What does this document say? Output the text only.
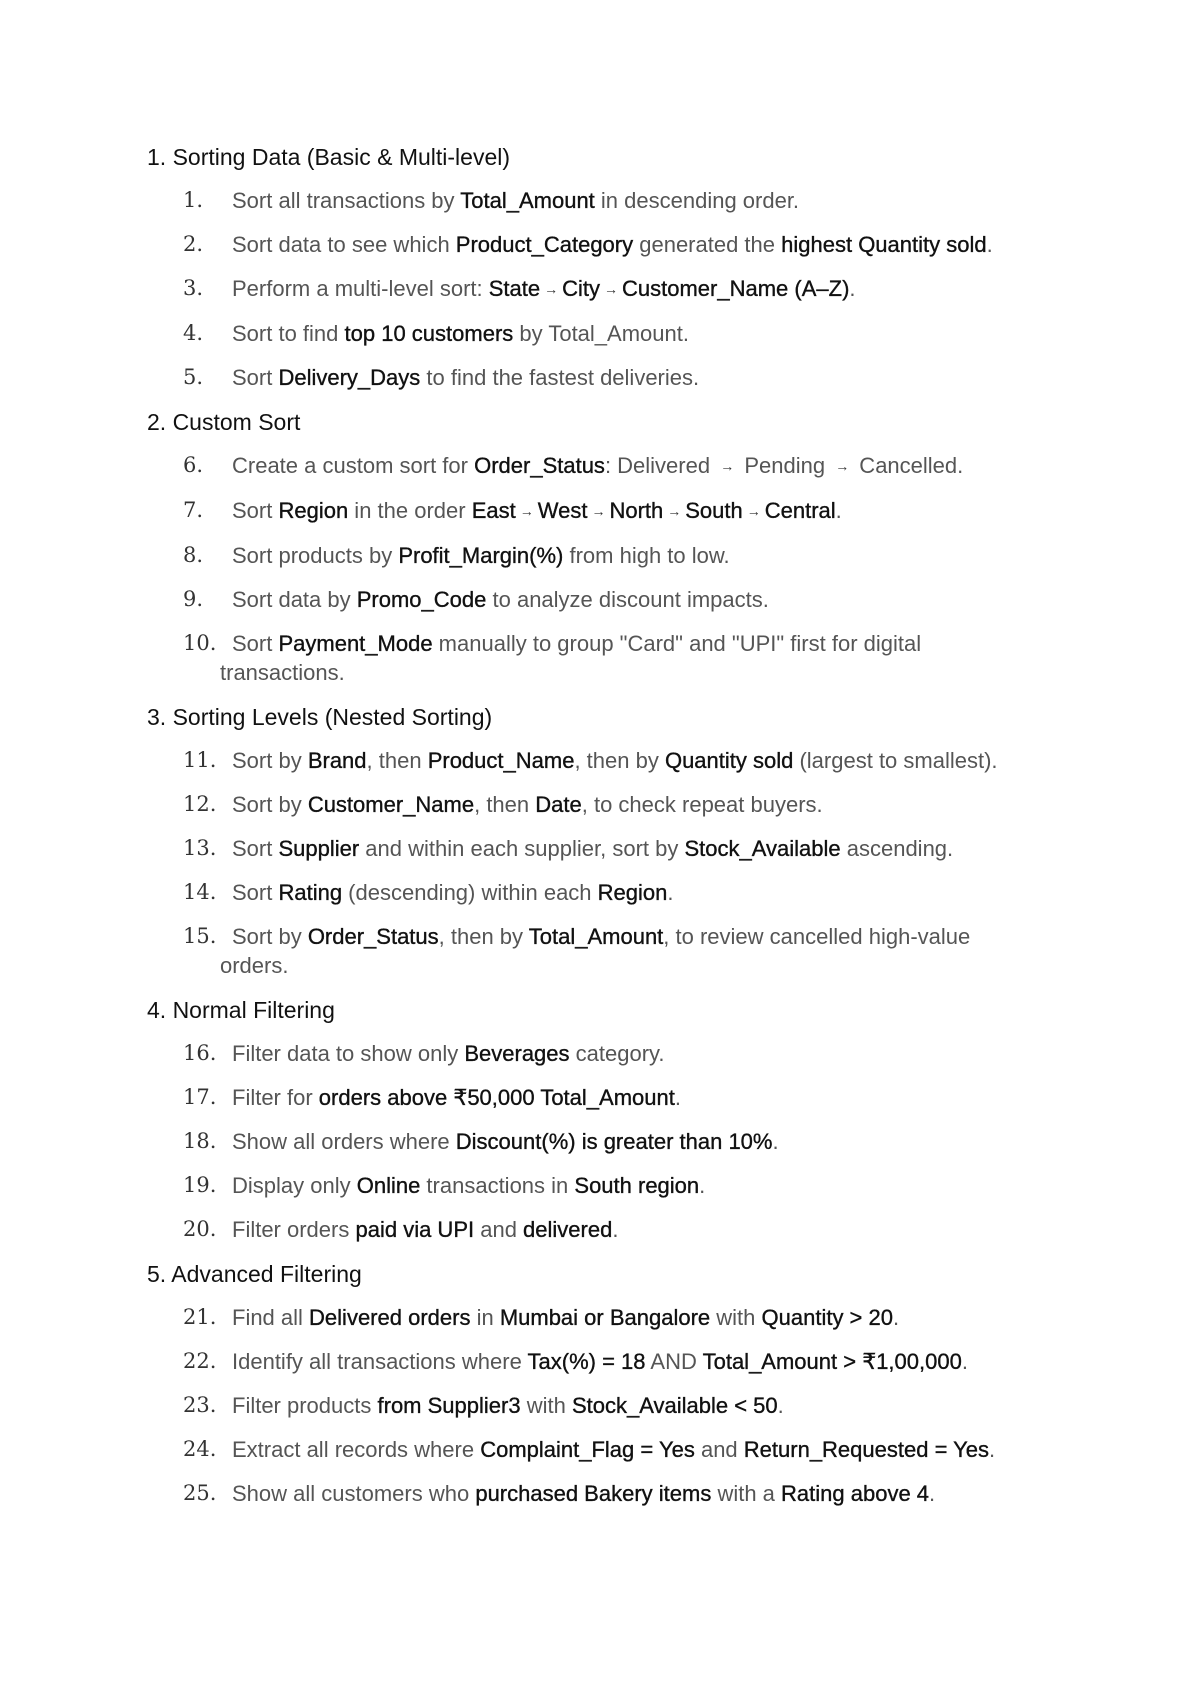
1. Sorting Data (Basic & Multi-level)
1. Sort all transactions by Total_Amount in descending order.
2. Sort data to see which Product_Category generated the highest Quantity sold.
3. Perform a multi-level sort: State → City → Customer_Name (A–Z).
4. Sort to find top 10 customers by Total_Amount.
5. Sort Delivery_Days to find the fastest deliveries.
2. Custom Sort
6. Create a custom sort for Order_Status: Delivered → Pending → Cancelled.
7. Sort Region in the order East → West → North → South → Central.
8. Sort products by Profit_Margin(%) from high to low.
9. Sort data by Promo_Code to analyze discount impacts.
10. Sort Payment_Mode manually to group "Card" and "UPI" first for digital transactions.
3. Sorting Levels (Nested Sorting)
11. Sort by Brand, then Product_Name, then by Quantity sold (largest to smallest).
12. Sort by Customer_Name, then Date, to check repeat buyers.
13. Sort Supplier and within each supplier, sort by Stock_Available ascending.
14. Sort Rating (descending) within each Region.
15. Sort by Order_Status, then by Total_Amount, to review cancelled high-value orders.
4. Normal Filtering
16. Filter data to show only Beverages category.
17. Filter for orders above ₹50,000 Total_Amount.
18. Show all orders where Discount(%) is greater than 10%.
19. Display only Online transactions in South region.
20. Filter orders paid via UPI and delivered.
5. Advanced Filtering
21. Find all Delivered orders in Mumbai or Bangalore with Quantity > 20.
22. Identify all transactions where Tax(%) = 18 AND Total_Amount > ₹1,00,000.
23. Filter products from Supplier3 with Stock_Available < 50.
24. Extract all records where Complaint_Flag = Yes and Return_Requested = Yes.
25. Show all customers who purchased Bakery items with a Rating above 4.
